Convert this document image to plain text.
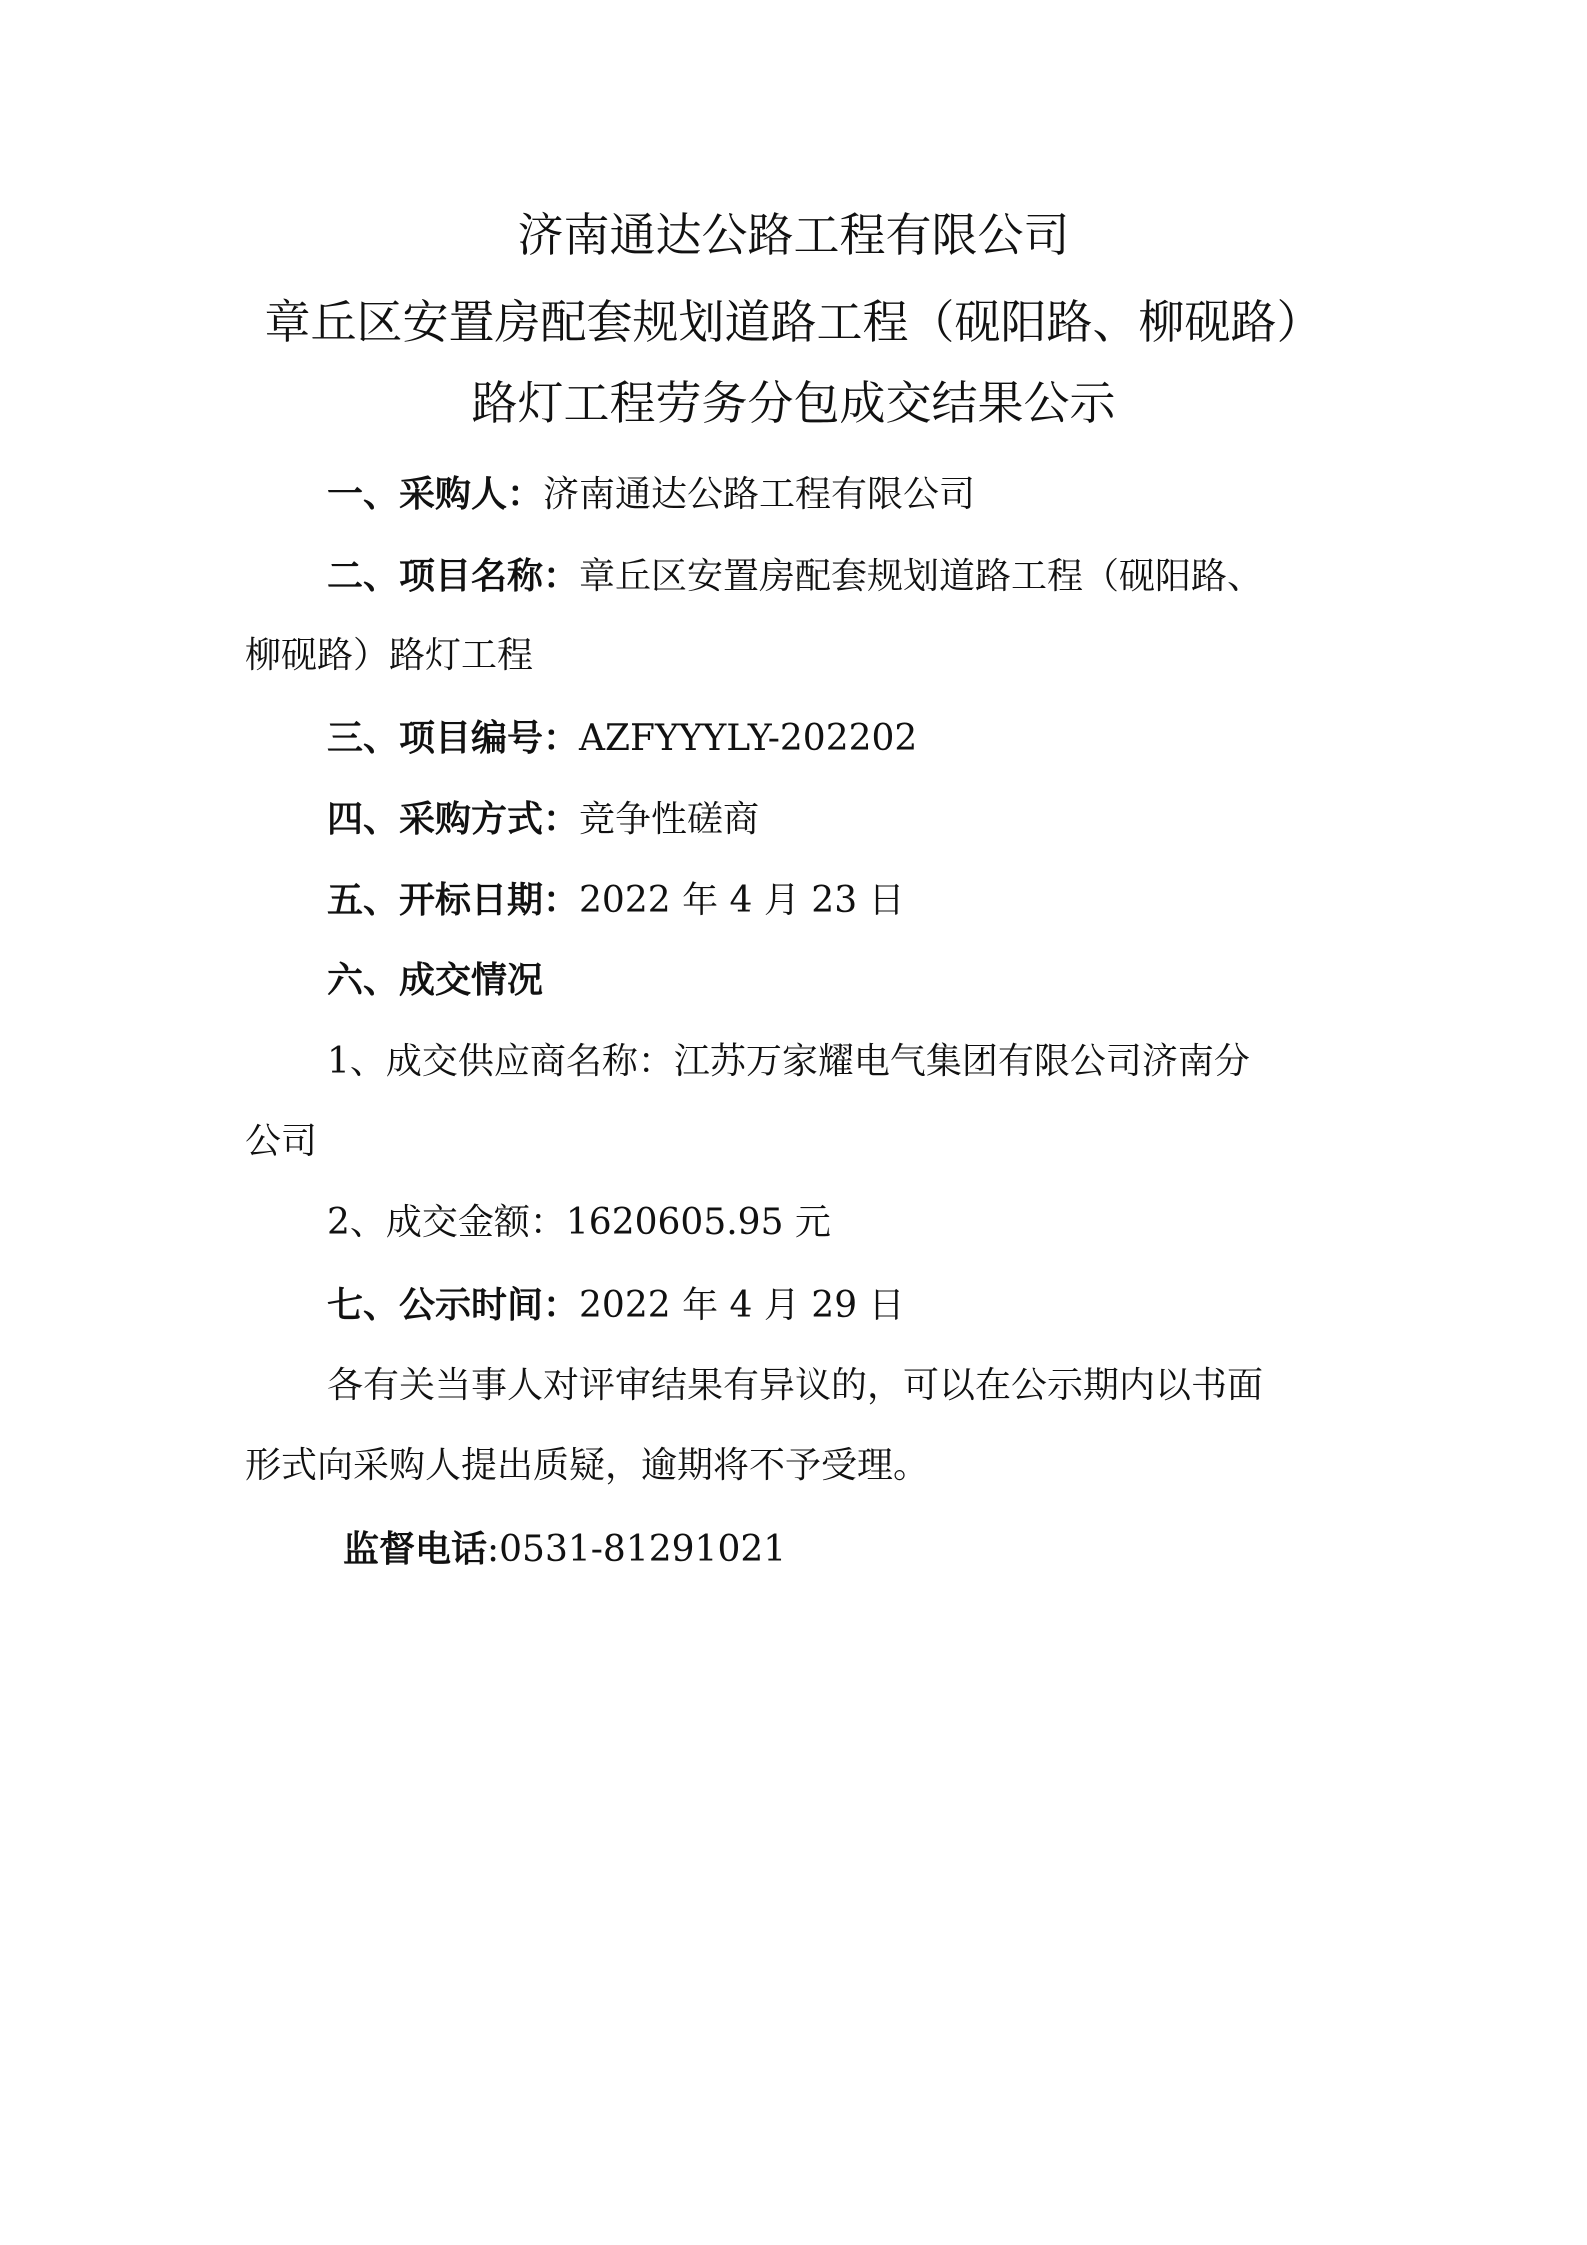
济南通达公路工程有限公司
章丘区安置房配套规划道路工程（砚阳路、柳砚路）
路灯工程劳务分包成交结果公示
一、采购人：济南通达公路工程有限公司
二、项目名称：章丘区安置房配套规划道路工程（砚阳路、
柳砚路）路灯工程
三、项目编号：AZFYYYLY-202202
四、采购方式：竞争性磋商
五、开标日期：2022 年 4 月 23 日
六、成交情况
1、成交供应商名称：江苏万家耀电气集团有限公司济南分
公司
2、成交金额：1620605.95 元
七、公示时间：2022 年 4 月 29 日
各有关当事人对评审结果有异议的，可以在公示期内以书面
形式向采购人提出质疑，逾期将不予受理。
监督电话:0531-81291021
